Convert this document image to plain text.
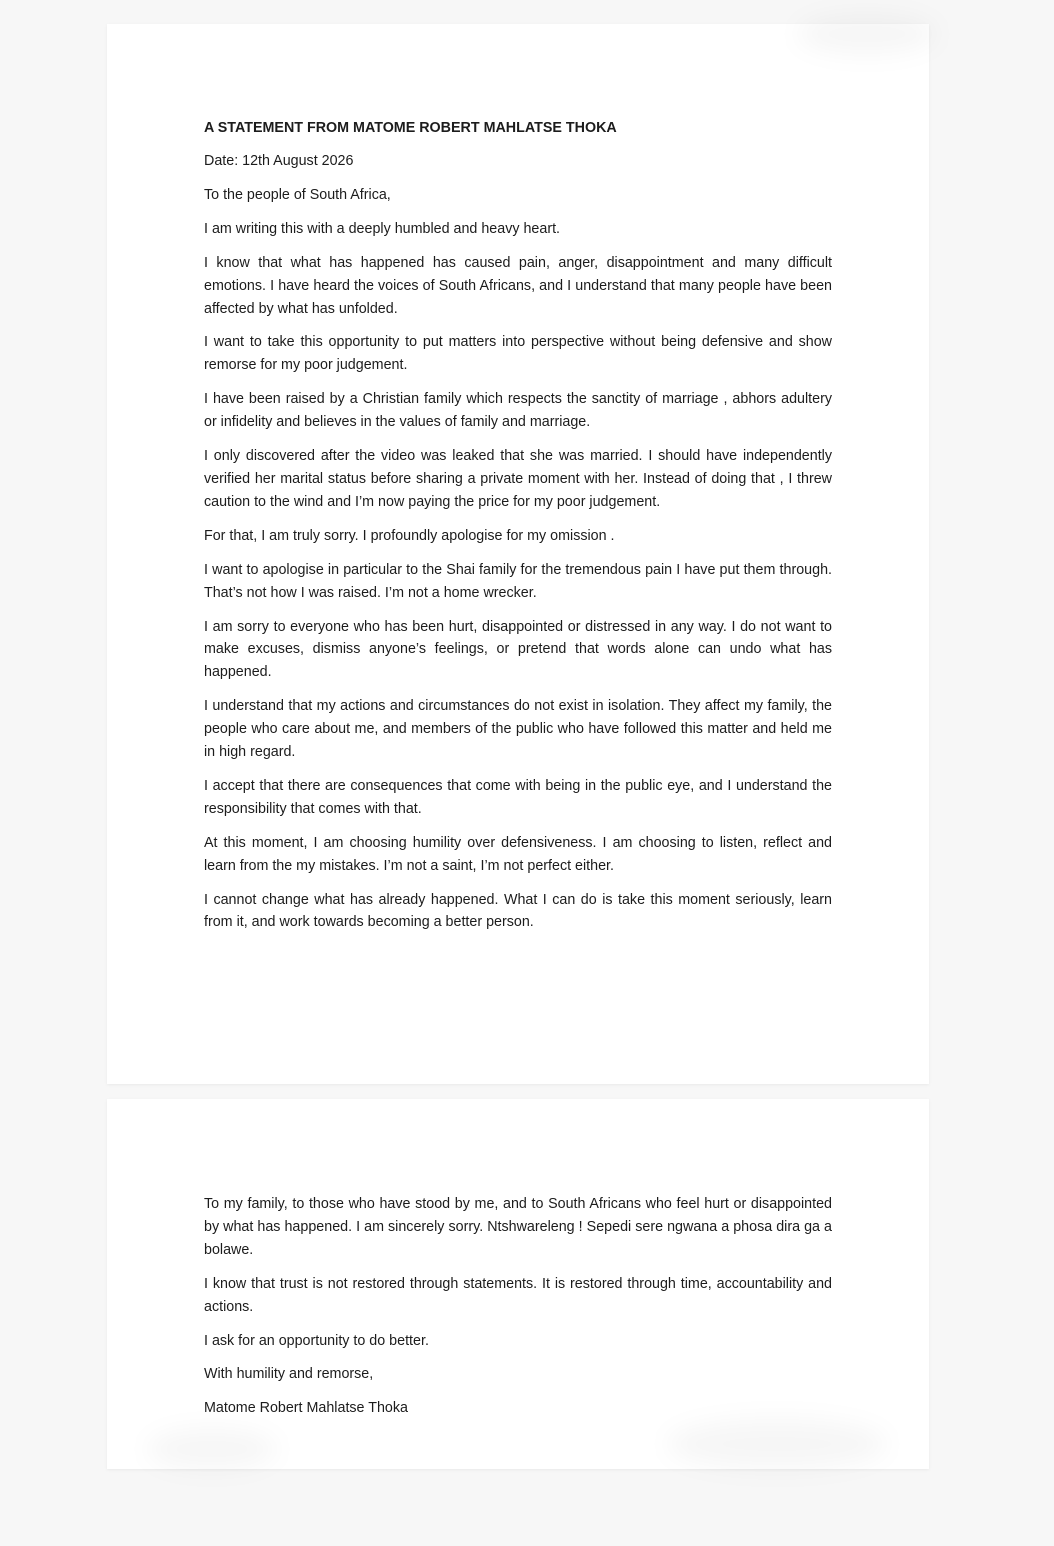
A STATEMENT FROM MATOME ROBERT MAHLATSE THOKA

Date: 12th August 2026

To the people of South Africa,

I am writing this with a deeply humbled and heavy heart.

I know that what has happened has caused pain, anger, disappointment and many difficult emotions. I have heard the voices of South Africans, and I understand that many people have been affected by what has unfolded.

I want to take this opportunity to put matters into perspective without being defensive and show remorse for my poor judgement.

I have been raised by a Christian family which respects the sanctity of marriage , abhors adultery or infidelity and believes in the values of family and marriage.

I only discovered after the video was leaked that she was married. I should have independently verified her marital status before sharing a private moment with her. Instead of doing that , I threw caution to the wind and I’m now paying the price for my poor judgement.

For that, I am truly sorry. I profoundly apologise for my omission .

I want to apologise in particular to the Shai family for the tremendous pain I have put them through. That’s not how I was raised. I’m not a home wrecker.

I am sorry to everyone who has been hurt, disappointed or distressed in any way. I do not want to make excuses, dismiss anyone’s feelings, or pretend that words alone can undo what has happened.

I understand that my actions and circumstances do not exist in isolation. They affect my family, the people who care about me, and members of the public who have followed this matter and held me in high regard.

I accept that there are consequences that come with being in the public eye, and I understand the responsibility that comes with that.

At this moment, I am choosing humility over defensiveness. I am choosing to listen, reflect and learn from the my mistakes. I’m not a saint, I’m not perfect either.

I cannot change what has already happened. What I can do is take this moment seriously, learn from it, and work towards becoming a better person.

To my family, to those who have stood by me, and to South Africans who feel hurt or disappointed by what has happened. I am sincerely sorry. Ntshwareleng ! Sepedi sere ngwana a phosa dira ga a bolawe.

I know that trust is not restored through statements. It is restored through time, accountability and actions.

I ask for an opportunity to do better.

With humility and remorse,

Matome Robert Mahlatse Thoka
